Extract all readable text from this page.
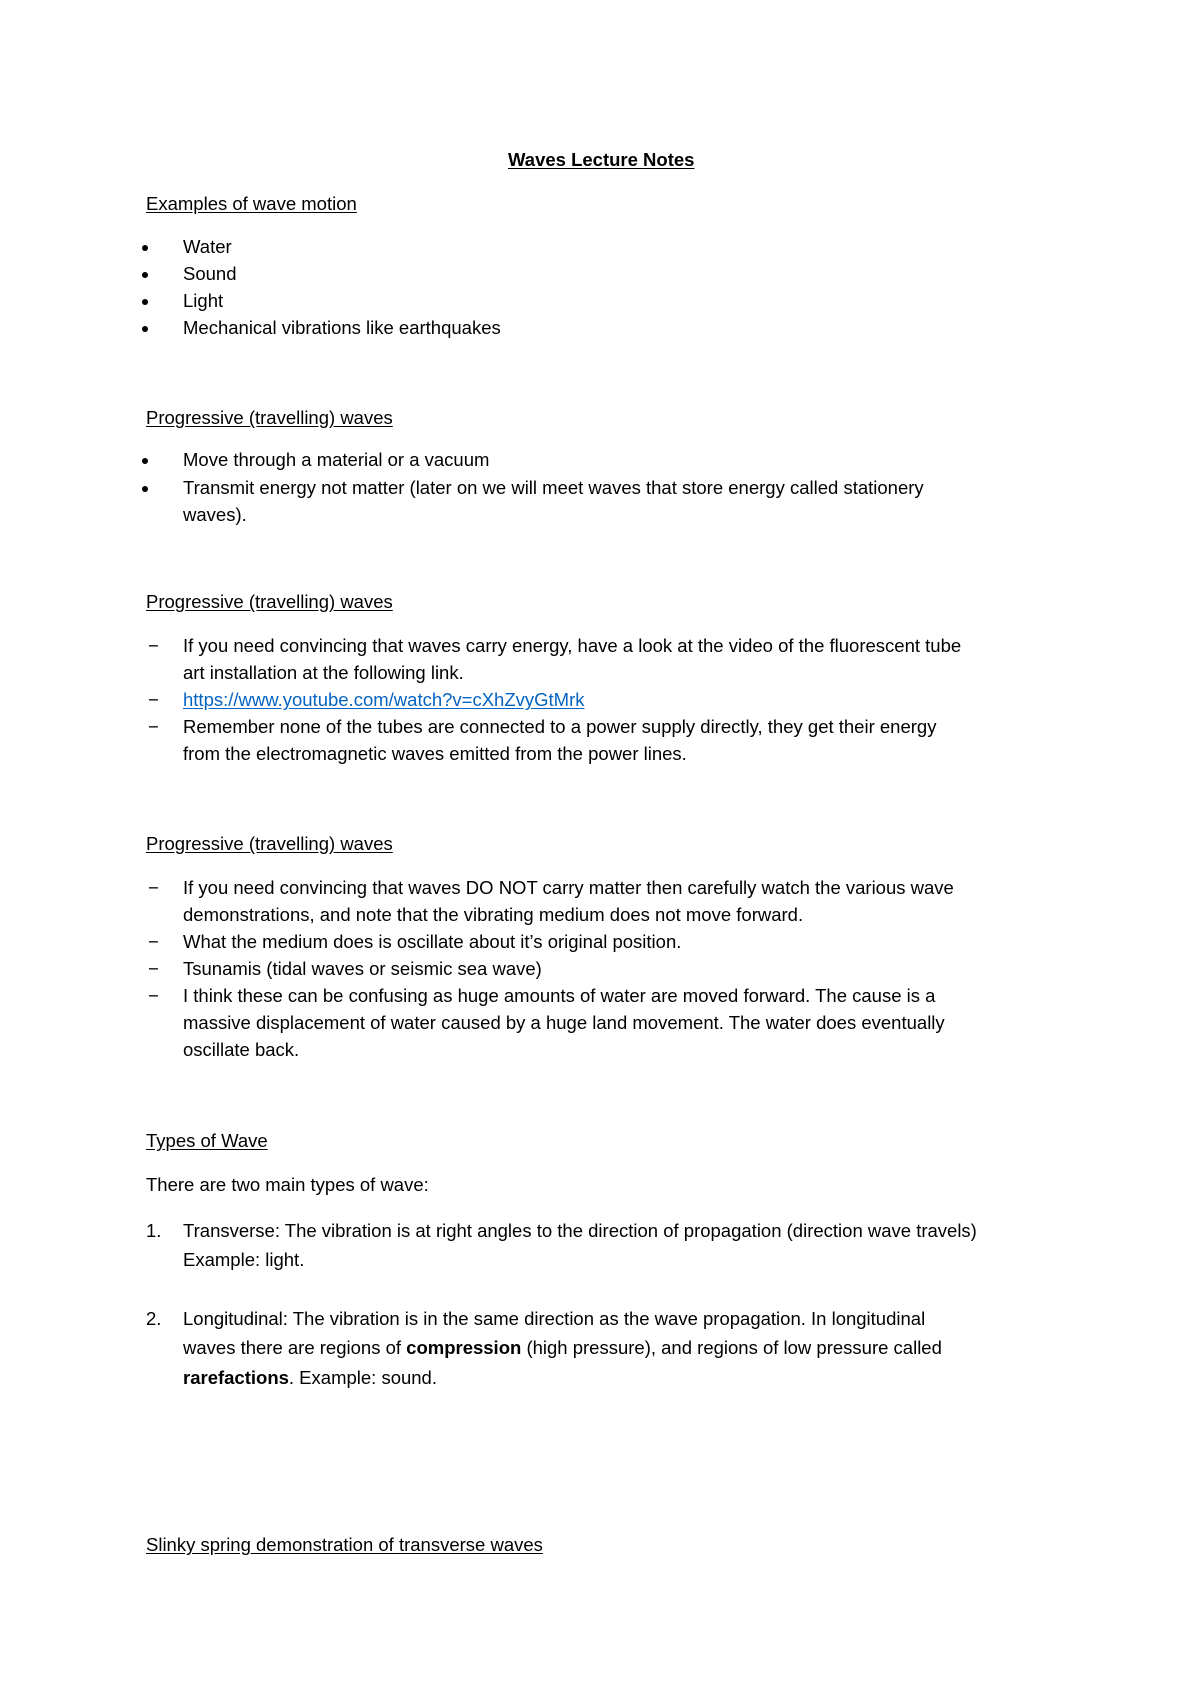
Waves Lecture Notes
Examples of wave motion
Water
Sound
Light
Mechanical vibrations like earthquakes
Progressive (travelling) waves
Move through a material or a vacuum
Transmit energy not matter (later on we will meet waves that store energy called stationery
waves).
Progressive (travelling) waves
− If you need convincing that waves carry energy, have a look at the video of the fluorescent tube
art installation at the following link.
− https://www.youtube.com/watch?v=cXhZvyGtMrk
− Remember none of the tubes are connected to a power supply directly, they get their energy
from the electromagnetic waves emitted from the power lines.
Progressive (travelling) waves
− If you need convincing that waves DO NOT carry matter then carefully watch the various wave
demonstrations, and note that the vibrating medium does not move forward.
− What the medium does is oscillate about it’s original position.
− Tsunamis (tidal waves or seismic sea wave)
− I think these can be confusing as huge amounts of water are moved forward. The cause is a
massive displacement of water caused by a huge land movement. The water does eventually
oscillate back.
Types of Wave
There are two main types of wave:
1. Transverse: The vibration is at right angles to the direction of propagation (direction wave travels)
Example: light.
2. Longitudinal: The vibration is in the same direction as the wave propagation. In longitudinal
waves there are regions of compression (high pressure), and regions of low pressure called
rarefactions. Example: sound.
Slinky spring demonstration of transverse waves
